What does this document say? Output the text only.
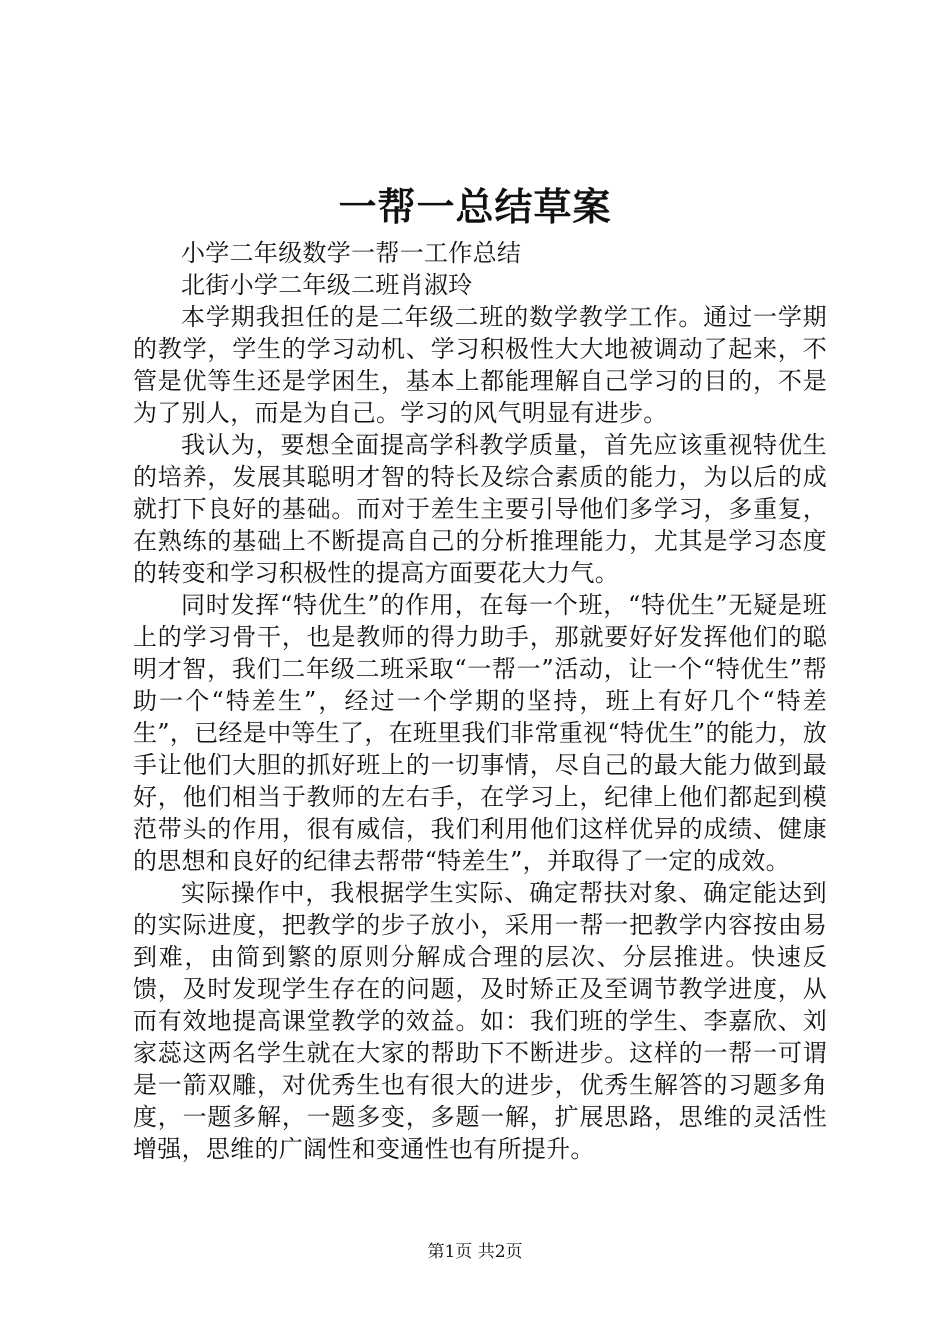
一帮一总结草案

小学二年级数学一帮一工作总结

北街小学二年级二班肖淑玲

本学期我担任的是二年级二班的数学教学工作。通过一学期的教学，学生的学习动机、学习积极性大大地被调动了起来，不管是优等生还是学困生，基本上都能理解自己学习的目的，不是为了别人，而是为自己。学习的风气明显有进步。

我认为，要想全面提高学科教学质量，首先应该重视特优生的培养，发展其聪明才智的特长及综合素质的能力，为以后的成就打下良好的基础。而对于差生主要引导他们多学习，多重复，在熟练的基础上不断提高自己的分析推理能力，尤其是学习态度的转变和学习积极性的提高方面要花大力气。

同时发挥“特优生”的作用，在每一个班，“特优生”无疑是班上的学习骨干，也是教师的得力助手，那就要好好发挥他们的聪明才智，我们二年级二班采取“一帮一”活动，让一个“特优生”帮助一个“特差生”，经过一个学期的坚持，班上有好几个“特差生”，已经是中等生了，在班里我们非常重视“特优生”的能力，放手让他们大胆的抓好班上的一切事情，尽自己的最大能力做到最好，他们相当于教师的左右手，在学习上，纪律上他们都起到模范带头的作用，很有威信，我们利用他们这样优异的成绩、健康的思想和良好的纪律去帮带“特差生”，并取得了一定的成效。

实际操作中，我根据学生实际、确定帮扶对象、确定能达到的实际进度，把教学的步子放小，采用一帮一把教学内容按由易到难，由简到繁的原则分解成合理的层次、分层推进。快速反馈，及时发现学生存在的问题，及时矫正及至调节教学进度，从而有效地提高课堂教学的效益。如：我们班的学生、李嘉欣、刘家蕊这两名学生就在大家的帮助下不断进步。这样的一帮一可谓是一箭双雕，对优秀生也有很大的进步，优秀生解答的习题多角度，一题多解，一题多变，多题一解，扩展思路，思维的灵活性增强，思维的广阔性和变通性也有所提升。

第1页 共2页
